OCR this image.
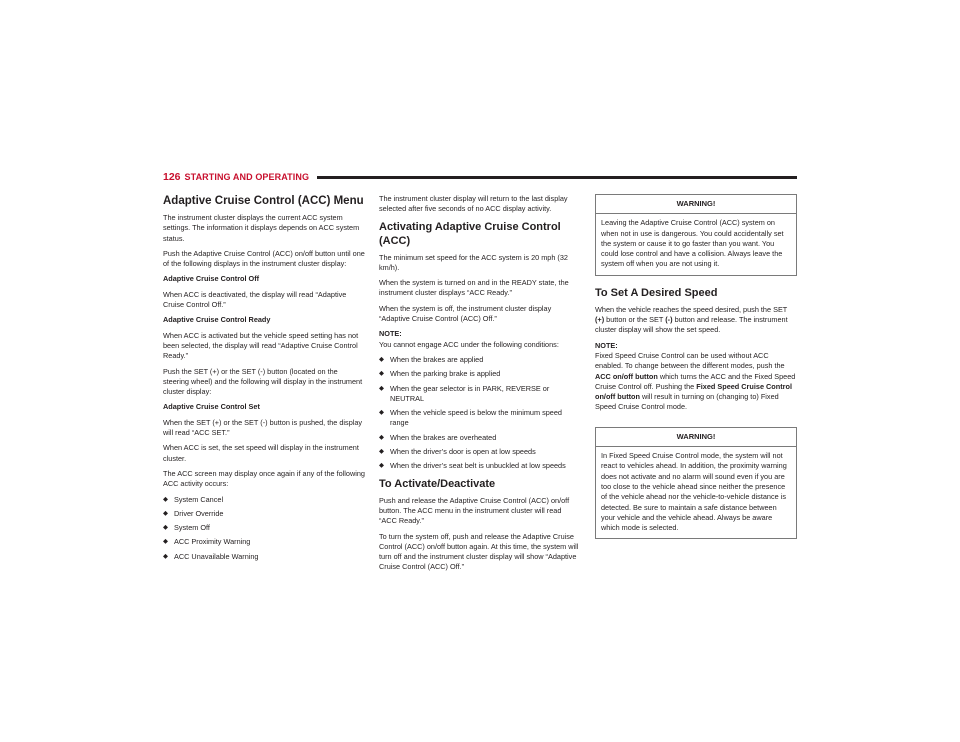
126 STARTING AND OPERATING
Adaptive Cruise Control (ACC) Menu

The instrument cluster displays the current ACC system settings. The information it displays depends on ACC system status.

Push the Adaptive Cruise Control (ACC) on/off button until one of the following displays in the instrument cluster display:

Adaptive Cruise Control Off

When ACC is deactivated, the display will read “Adaptive Cruise Control Off.”

Adaptive Cruise Control Ready

When ACC is activated but the vehicle speed setting has not been selected, the display will read “Adaptive Cruise Control Ready.”

Push the SET (+) or the SET (-) button (located on the steering wheel) and the following will display in the instrument cluster display:

Adaptive Cruise Control Set

When the SET (+) or the SET (-) button is pushed, the display will read “ACC SET.”

When ACC is set, the set speed will display in the instrument cluster.

The ACC screen may display once again if any of the following ACC activity occurs:

◆ System Cancel
◆ Driver Override
◆ System Off
◆ ACC Proximity Warning
◆ ACC Unavailable Warning

The instrument cluster display will return to the last display selected after five seconds of no ACC display activity.

Activating Adaptive Cruise Control (ACC)

The minimum set speed for the ACC system is 20 mph (32 km/h).

When the system is turned on and in the READY state, the instrument cluster displays “ACC Ready.”

When the system is off, the instrument cluster display “Adaptive Cruise Control (ACC) Off.”

NOTE:

You cannot engage ACC under the following conditions:

◆ When the brakes are applied
◆ When the parking brake is applied
◆ When the gear selector is in PARK, REVERSE or NEUTRAL
◆ When the vehicle speed is below the minimum speed range
◆ When the brakes are overheated
◆ When the driver’s door is open at low speeds
◆ When the driver’s seat belt is unbuckled at low speeds
To Activate/Deactivate

Push and release the Adaptive Cruise Control (ACC) on/off button. The ACC menu in the instrument cluster will read “ACC Ready.”

To turn the system off, push and release the Adaptive Cruise Control (ACC) on/off button again. At this time, the system will turn off and the instrument cluster display will show “Adaptive Cruise Control (ACC) Off.”

WARNING!
Leaving the Adaptive Cruise Control (ACC) system on when not in use is dangerous. You could accidentally set the system or cause it to go faster than you want. You could lose control and have a collision. Always leave the system off when you are not using it.
To Set A Desired Speed

When the vehicle reaches the speed desired, push the SET (+) button or the SET (-) button and release. The instrument cluster display will show the set speed.

NOTE:

Fixed Speed Cruise Control can be used without ACC enabled. To change between the different modes, push the ACC on/off button which turns the ACC and the Fixed Speed Cruise Control off. Pushing the Fixed Speed Cruise Control on/off button will result in turning on (changing to) Fixed Speed Cruise Control mode.

WARNING!
In Fixed Speed Cruise Control mode, the system will not react to vehicles ahead. In addition, the proximity warning does not activate and no alarm will sound even if you are too close to the vehicle ahead since neither the presence of the vehicle ahead nor the vehicle-to-vehicle distance is detected. Be sure to maintain a safe distance between your vehicle and the vehicle ahead. Always be aware which mode is selected.
